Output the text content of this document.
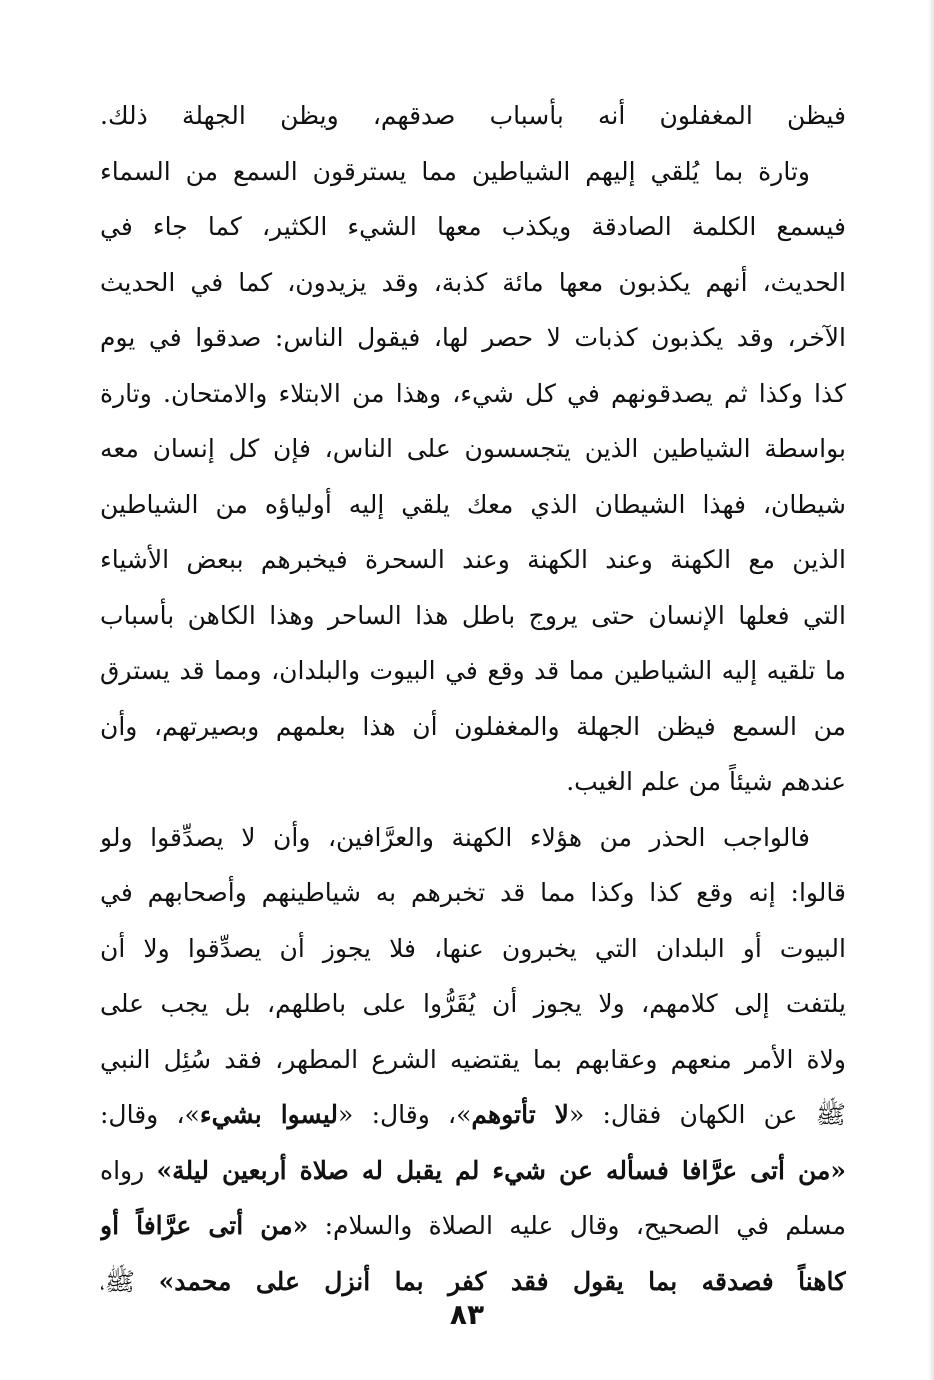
فيظن المغفلون أنه بأسباب صدقهم، ويظن الجهلة ذلك.
وتارة بما يُلقي إليهم الشياطين مما يسترقون السمع من السماء
فيسمع الكلمة الصادقة ويكذب معها الشيء الكثير، كما جاء في
الحديث، أنهم يكذبون معها مائة كذبة، وقد يزيدون، كما في الحديث
الآخر، وقد يكذبون كذبات لا حصر لها، فيقول الناس: صدقوا في يوم
كذا وكذا ثم يصدقونهم في كل شيء، وهذا من الابتلاء والامتحان. وتارة
بواسطة الشياطين الذين يتجسسون على الناس، فإن كل إنسان معه
شيطان، فهذا الشيطان الذي معك يلقي إليه أولياؤه من الشياطين
الذين مع الكهنة وعند الكهنة وعند السحرة فيخبرهم ببعض الأشياء
التي فعلها الإنسان حتى يروج باطل هذا الساحر وهذا الكاهن بأسباب
ما تلقيه إليه الشياطين مما قد وقع في البيوت والبلدان، ومما قد يسترق
من السمع فيظن الجهلة والمغفلون أن هذا بعلمهم وبصيرتهم، وأن
عندهم شيئاً من علم الغيب.
فالواجب الحذر من هؤلاء الكهنة والعرَّافين، وأن لا يصدِّقوا ولو
قالوا: إنه وقع كذا وكذا مما قد تخبرهم به شياطينهم وأصحابهم في
البيوت أو البلدان التي يخبرون عنها، فلا يجوز أن يصدِّقوا ولا أن
يلتفت إلى كلامهم، ولا يجوز أن يُقَرُّوا على باطلهم، بل يجب على
ولاة الأمر منعهم وعقابهم بما يقتضيه الشرع المطهر، فقد سُئِل النبي
ﷺ عن الكهان فقال: «لا تأتوهم»، وقال: «ليسوا بشيء»، وقال:
«من أتى عرَّافا فسأله عن شيء لم يقبل له صلاة أربعين ليلة» رواه
مسلم في الصحيح، وقال عليه الصلاة والسلام: «من أتى عرَّافاً أو
كاهناً فصدقه بما يقول فقد كفر بما أنزل على محمد» ﷺ،
٨٣
